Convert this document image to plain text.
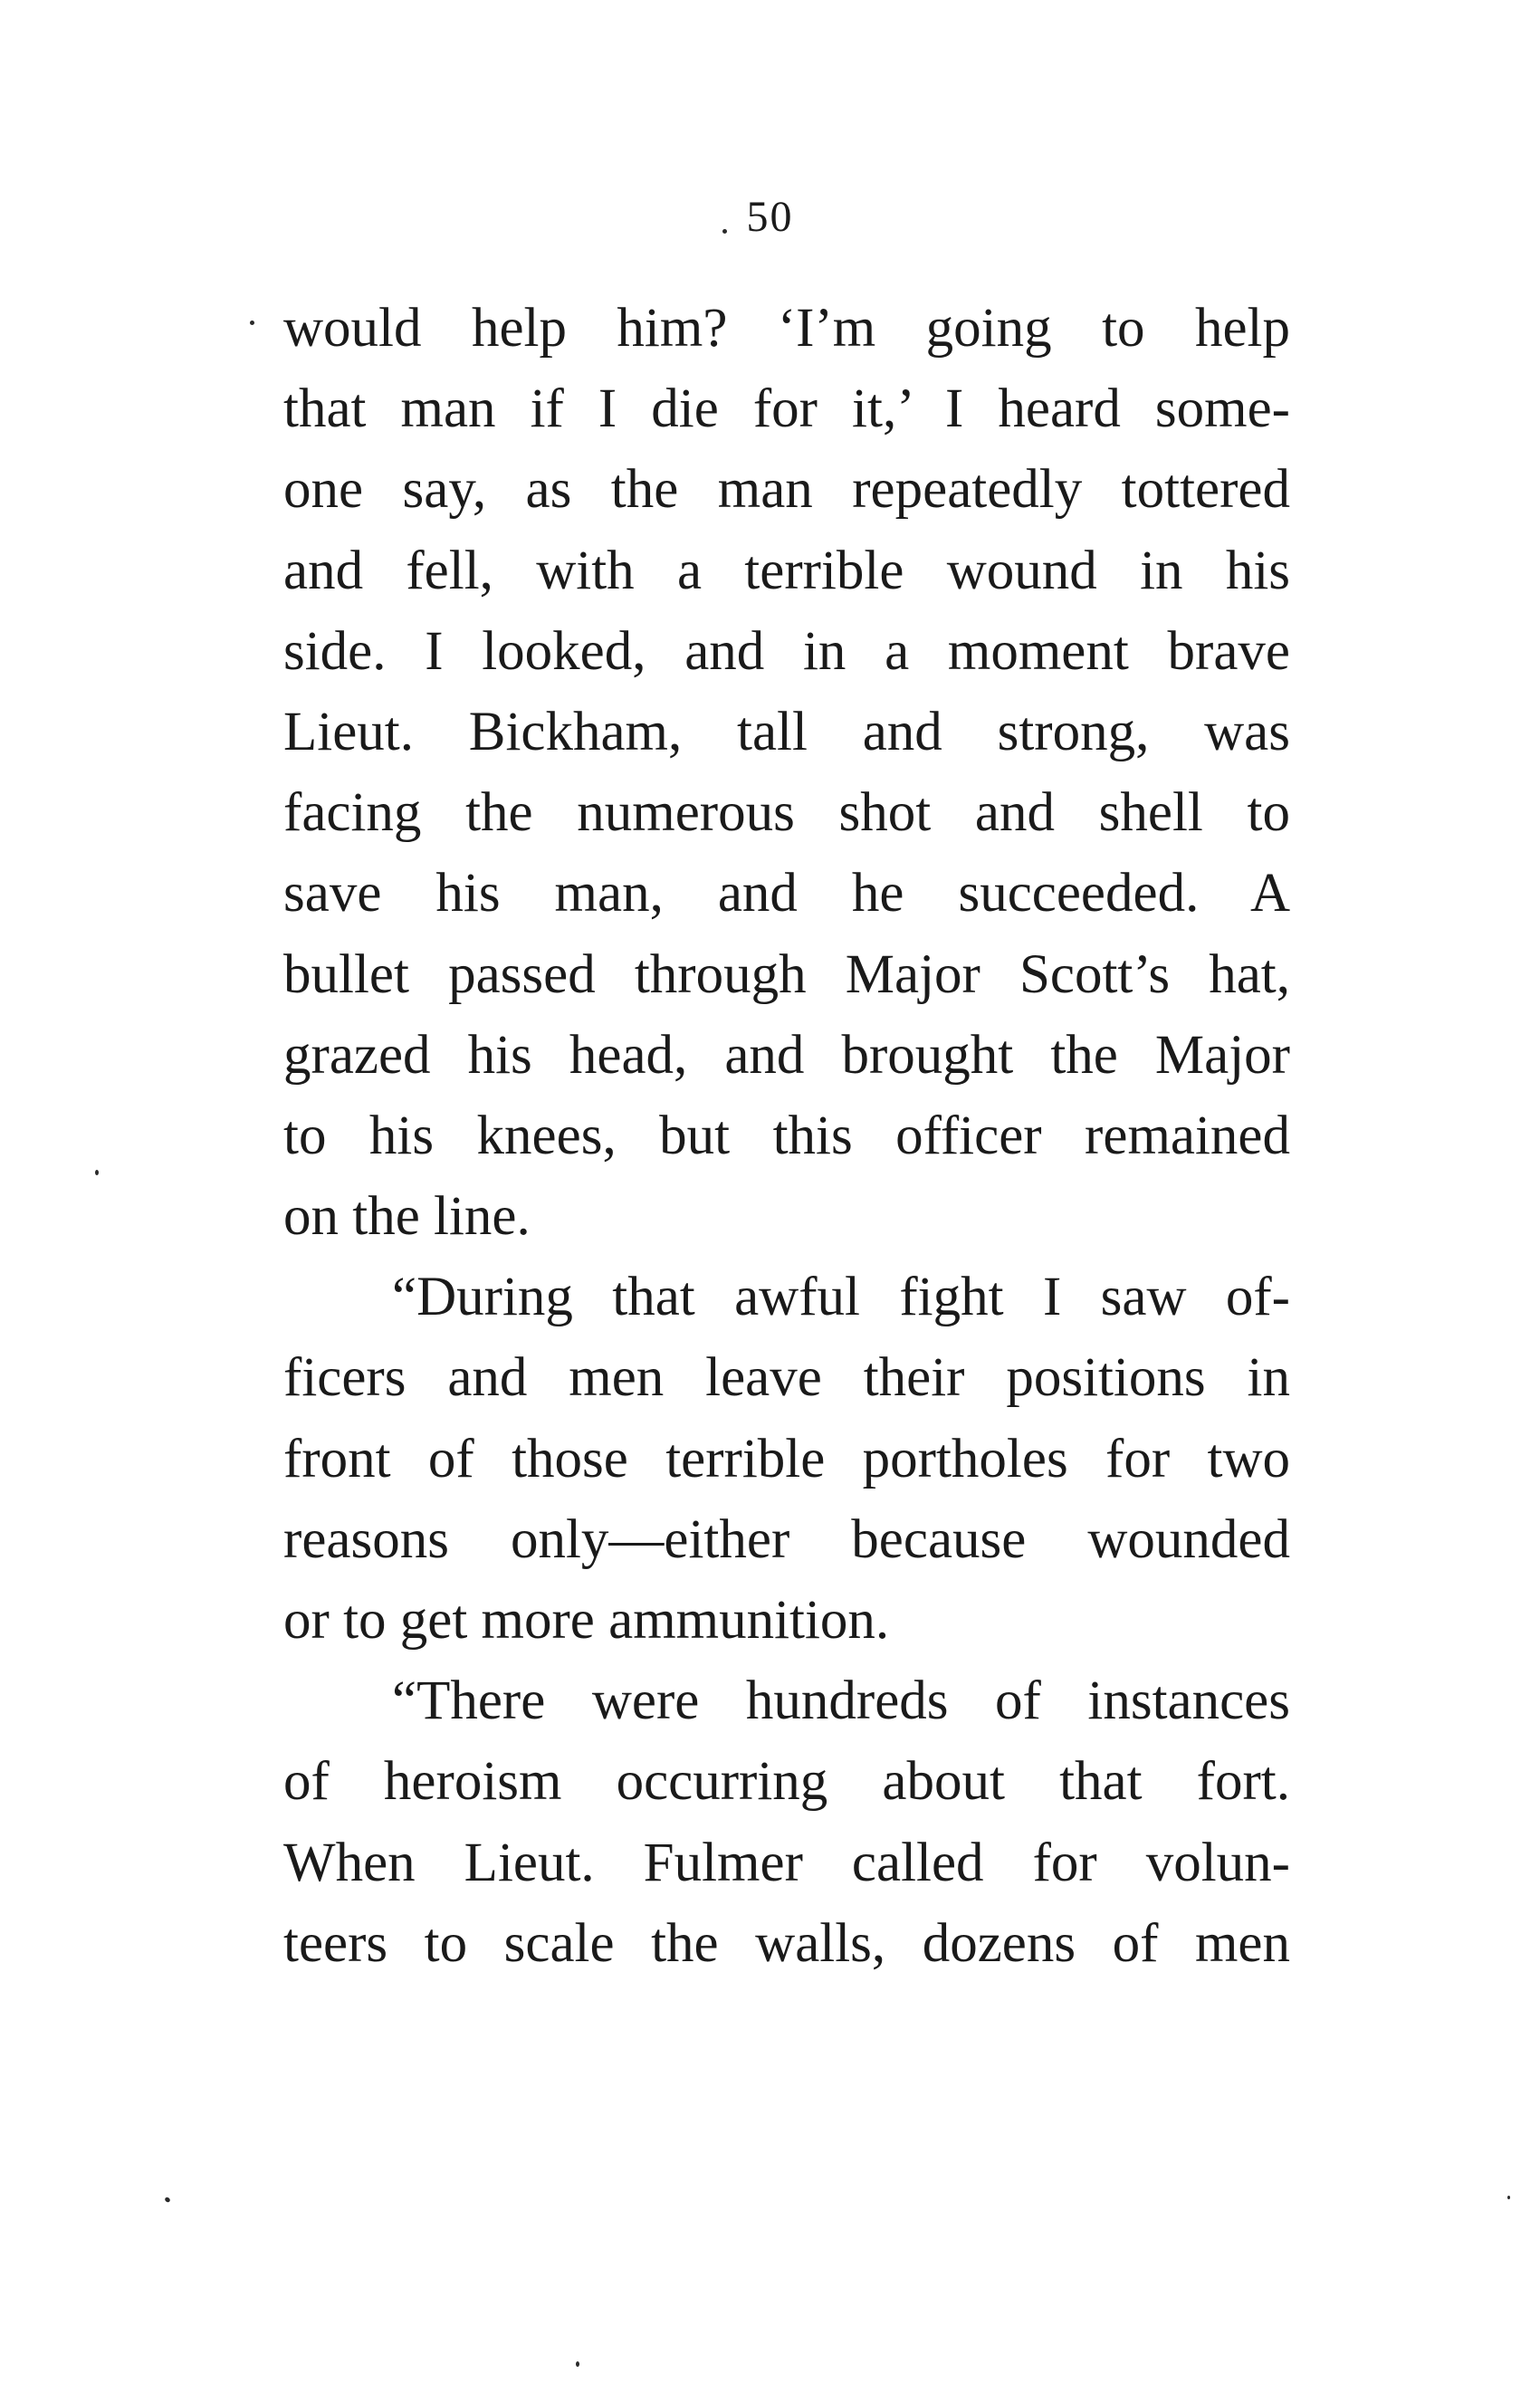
50
would help him? ‘I’m going to help
that man if I die for it,’ I heard some-
one say, as the man repeatedly tottered
and fell, with a terrible wound in his
side. I looked, and in a moment brave
Lieut. Bickham, tall and strong, was
facing the numerous shot and shell to
save his man, and he succeeded. A
bullet passed through Major Scott’s hat,
grazed his head, and brought the Major
to his knees, but this officer remained
on the line.
“During that awful fight I saw of-
ficers and men leave their positions in
front of those terrible portholes for two
reasons only—either because wounded
or to get more ammunition.
“There were hundreds of instances
of heroism occurring about that fort.
When Lieut. Fulmer called for volun-
teers to scale the walls, dozens of men
